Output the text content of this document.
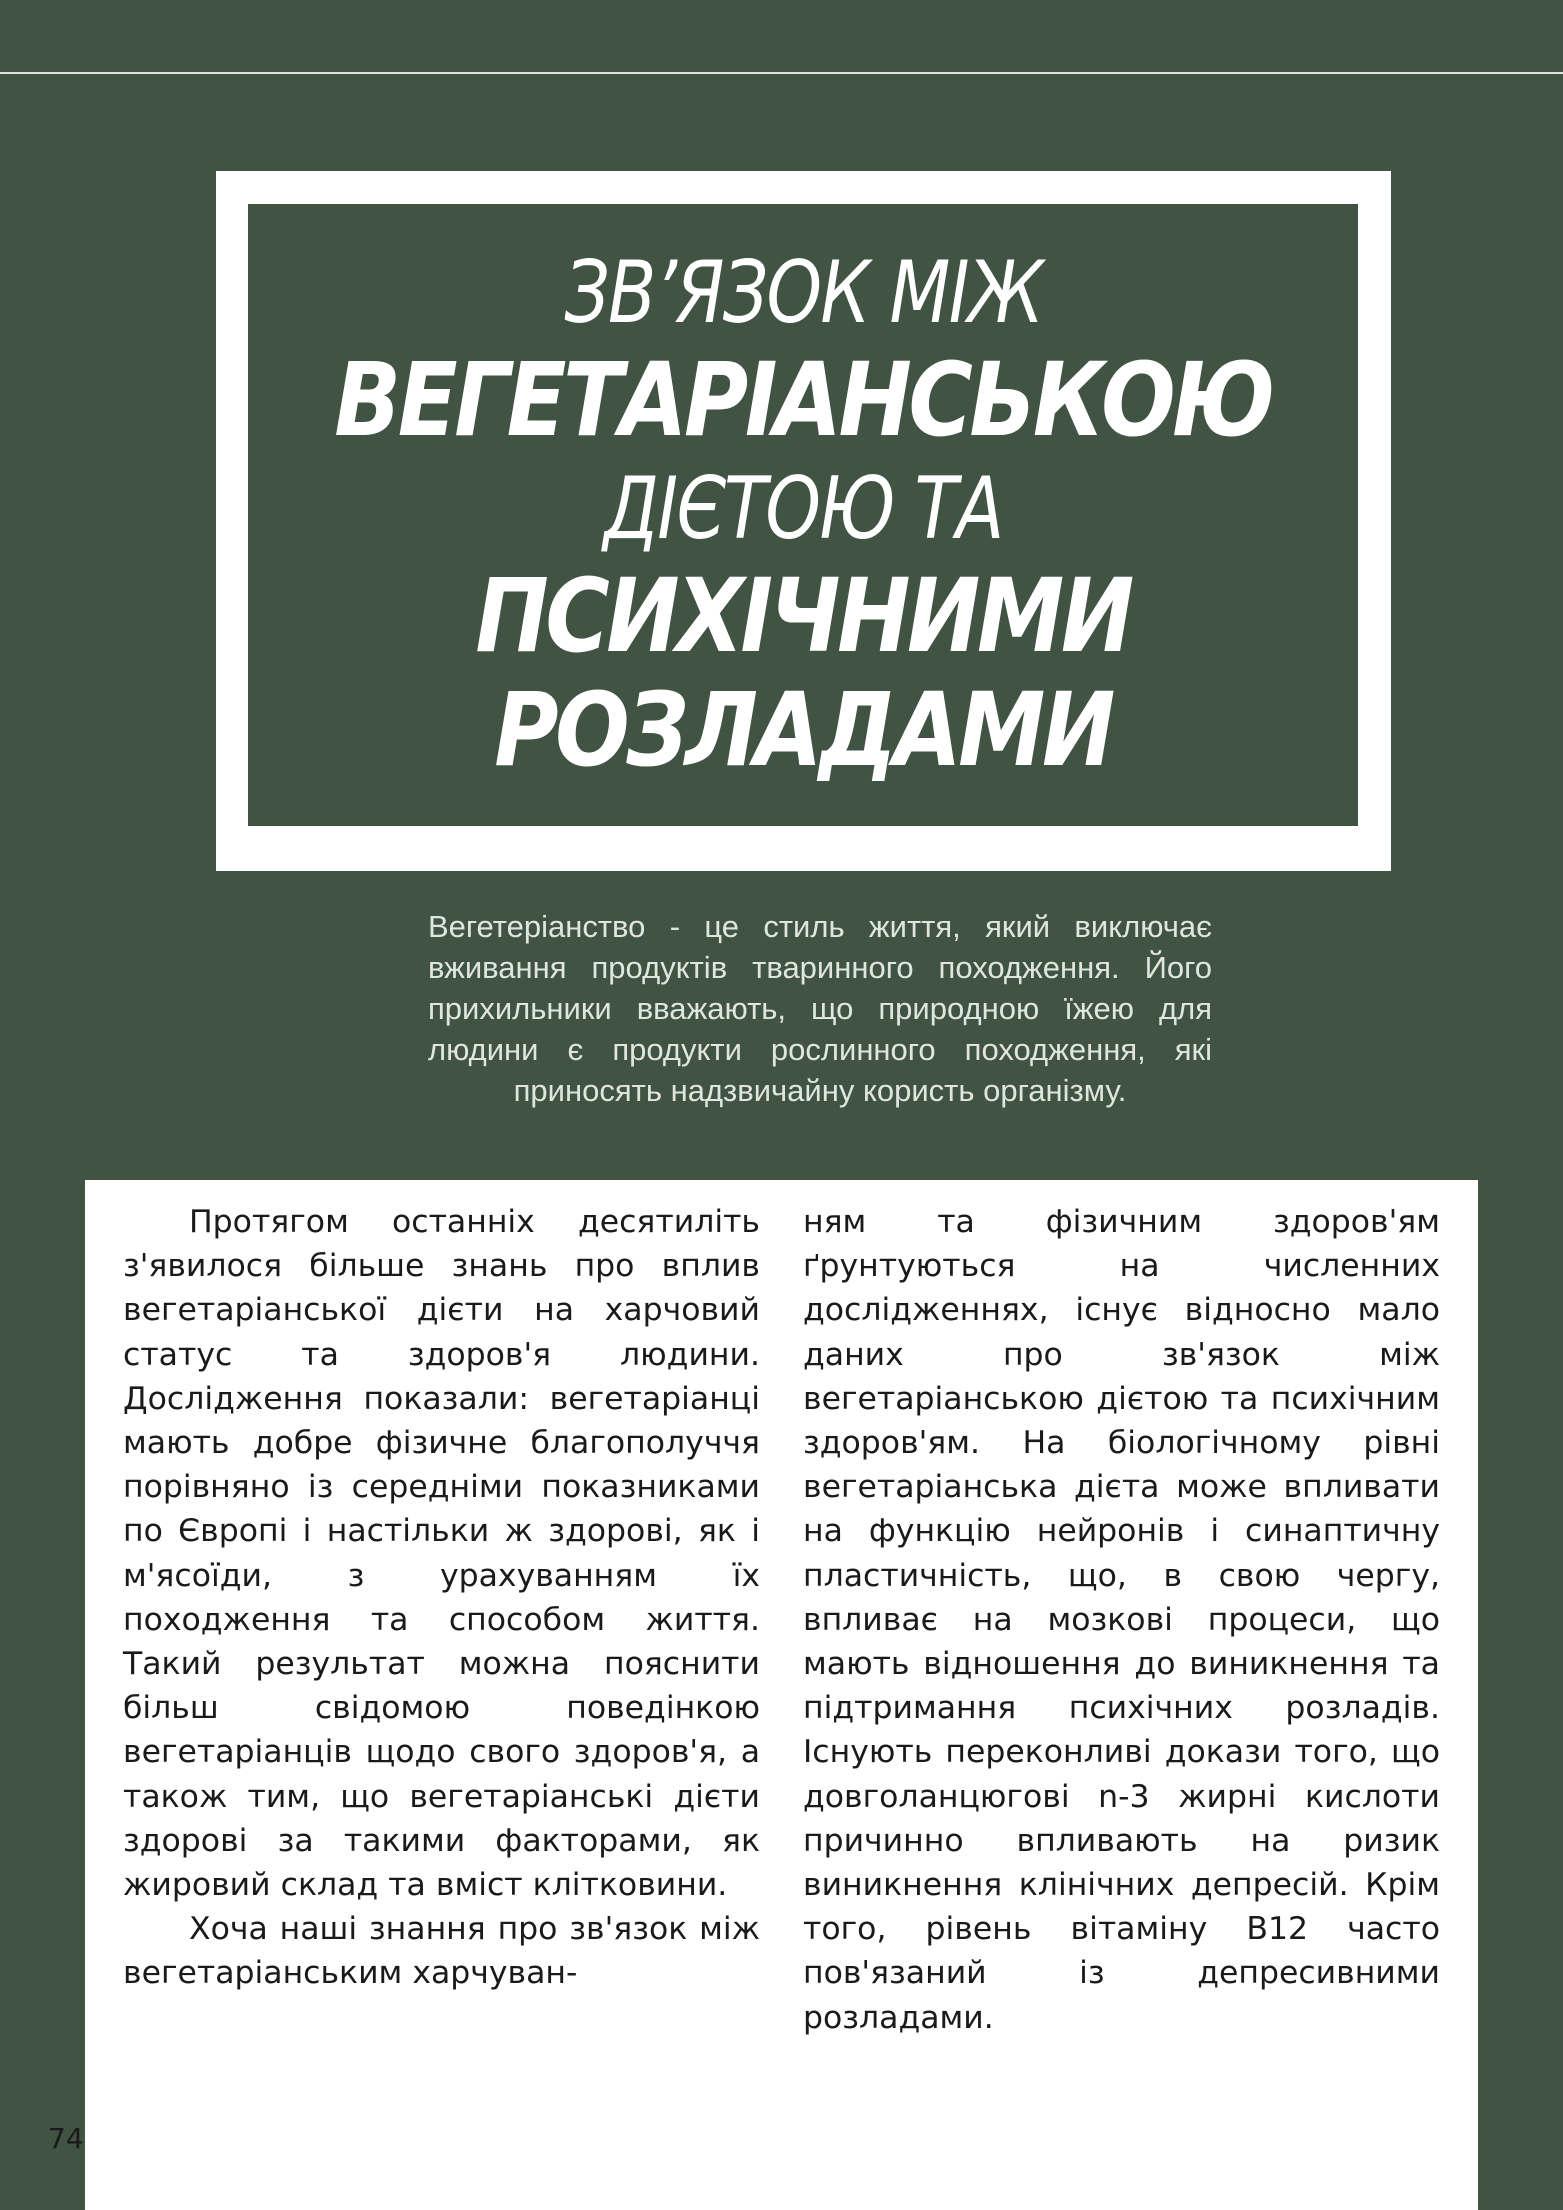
ЗВ’ЯЗОК МІЖ
ВЕГЕТАРІАНСЬКОЮ
ДІЄТОЮ ТА
ПСИХІЧНИМИ
РОЗЛАДАМИ

Вегетеріанство - це стиль життя, який виключає вживання продуктів тваринного походження. Його прихильники вважають, що природною їжею для людини є продукти рослинного походження, які приносять надзвичайну користь організму.

Протягом останніх десятиліть з'явилося більше знань про вплив вегетаріанської дієти на харчовий статус та здоров'я людини. Дослідження показали: вегетаріанці мають добре фізичне благополуччя порівняно із середніми показниками по Європі і настільки ж здорові, як і м'ясоїди, з урахуванням їх походження та способом життя. Такий результат можна пояснити більш свідомою поведінкою вегетаріанців щодо свого здоров'я, а також тим, що вегетаріанські дієти здорові за такими факторами, як жировий склад та вміст клітковини.

Хоча наші знання про зв'язок між вегетаріанським харчуван-

ням та фізичним здоров'ям ґрунтуються на численних дослідженнях, існує відносно мало даних про зв'язок між вегетаріанською дієтою та психічним здоров'ям. На біологічному рівні вегетаріанська дієта може впливати на функцію нейронів і синаптичну пластичність, що, в свою чергу, впливає на мозкові процеси, що мають відношення до виникнення та підтримання психічних розладів. Існують переконливі докази того, що довголанцюгові n-3 жирні кислоти причинно впливають на ризик виникнення клінічних депресій. Крім того, рівень вітаміну В12 часто пов'язаний із депресивними розладами.

74
